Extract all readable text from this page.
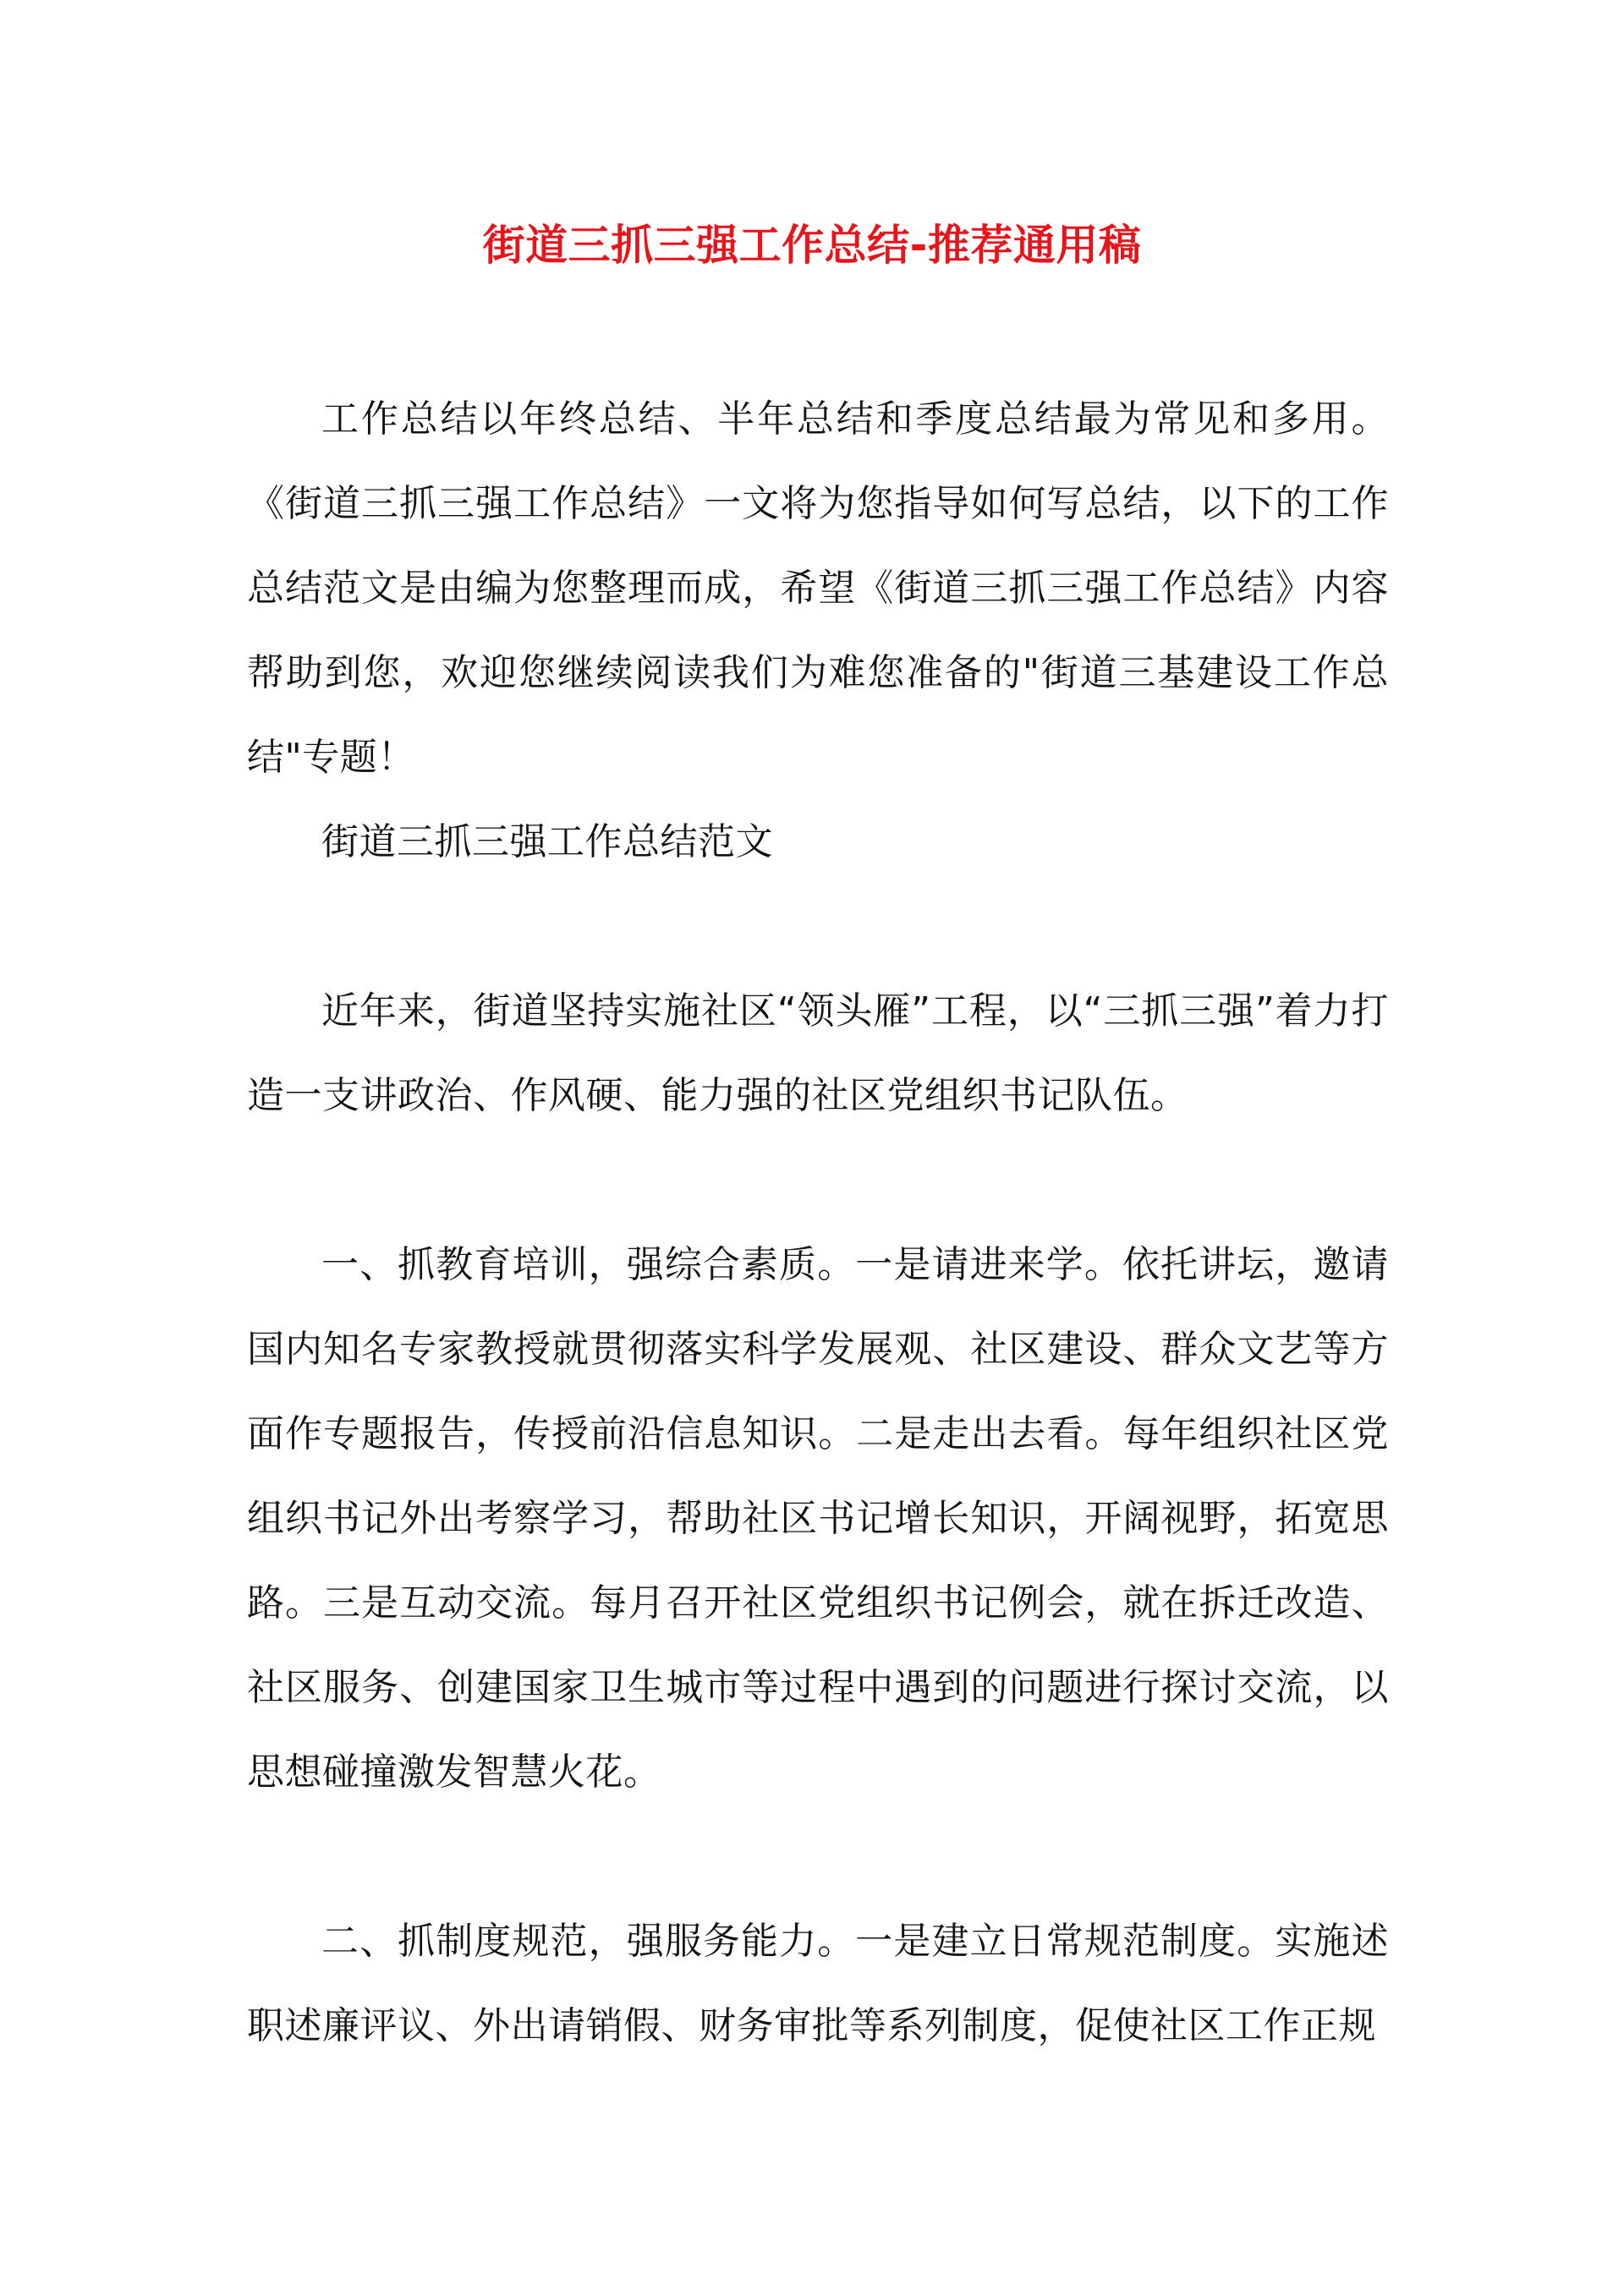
街道三抓三强工作总结-推荐通用稿

工作总结以年终总结、半年总结和季度总结最为常见和多用。《街道三抓三强工作总结》一文将为您指导如何写总结，以下的工作总结范文是由编为您整理而成，希望《街道三抓三强工作总结》内容帮助到您，欢迎您继续阅读我们为难您准备的"街道三基建设工作总结"专题！

街道三抓三强工作总结范文

近年来，街道坚持实施社区“领头雁”工程，以“三抓三强”着力打造一支讲政治、作风硬、能力强的社区党组织书记队伍。

一、抓教育培训，强综合素质。一是请进来学。依托讲坛，邀请国内知名专家教授就贯彻落实科学发展观、社区建设、群众文艺等方面作专题报告，传授前沿信息知识。二是走出去看。每年组织社区党组织书记外出考察学习，帮助社区书记增长知识，开阔视野，拓宽思路。三是互动交流。每月召开社区党组织书记例会，就在拆迁改造、社区服务、创建国家卫生城市等过程中遇到的问题进行探讨交流，以思想碰撞激发智慧火花。

二、抓制度规范，强服务能力。一是建立日常规范制度。实施述职述廉评议、外出请销假、财务审批等系列制度，促使社区工作正规
